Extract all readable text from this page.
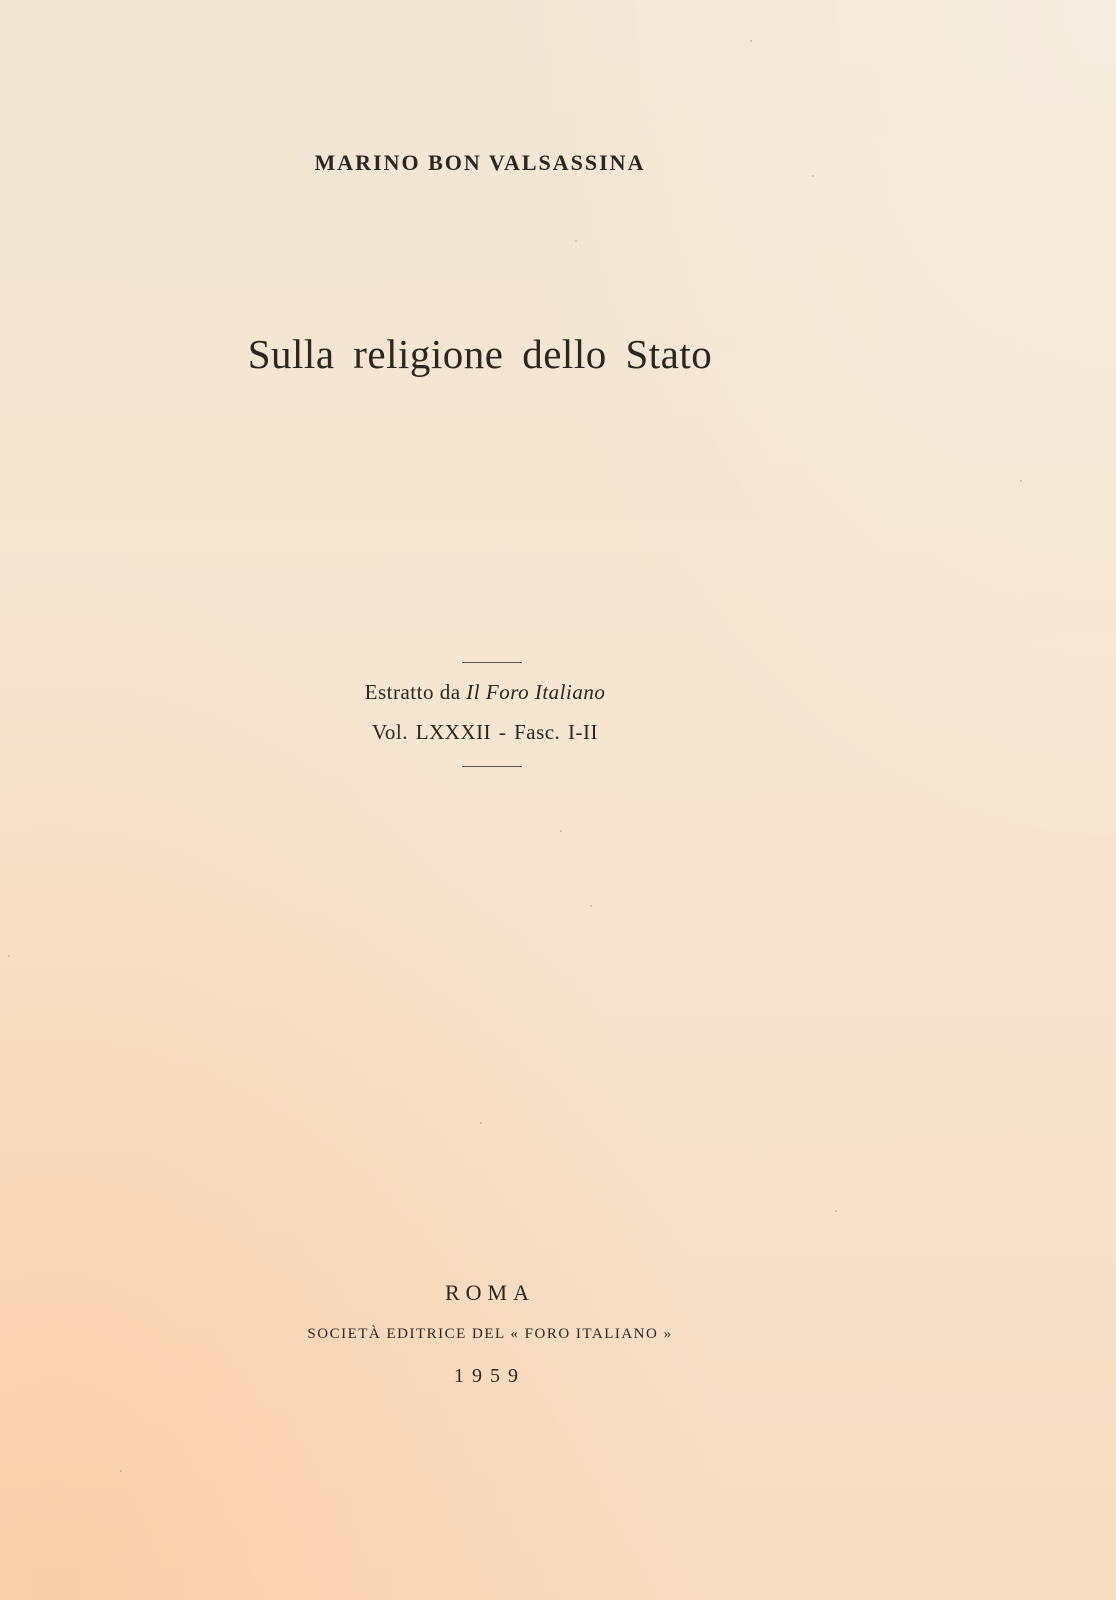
MARINO BON VALSASSINA
Sulla religione dello Stato
Estratto da Il Foro Italiano
Vol. LXXXII - Fasc. I-II
ROMA
SOCIETÀ EDITRICE DEL « FORO ITALIANO »
1959
